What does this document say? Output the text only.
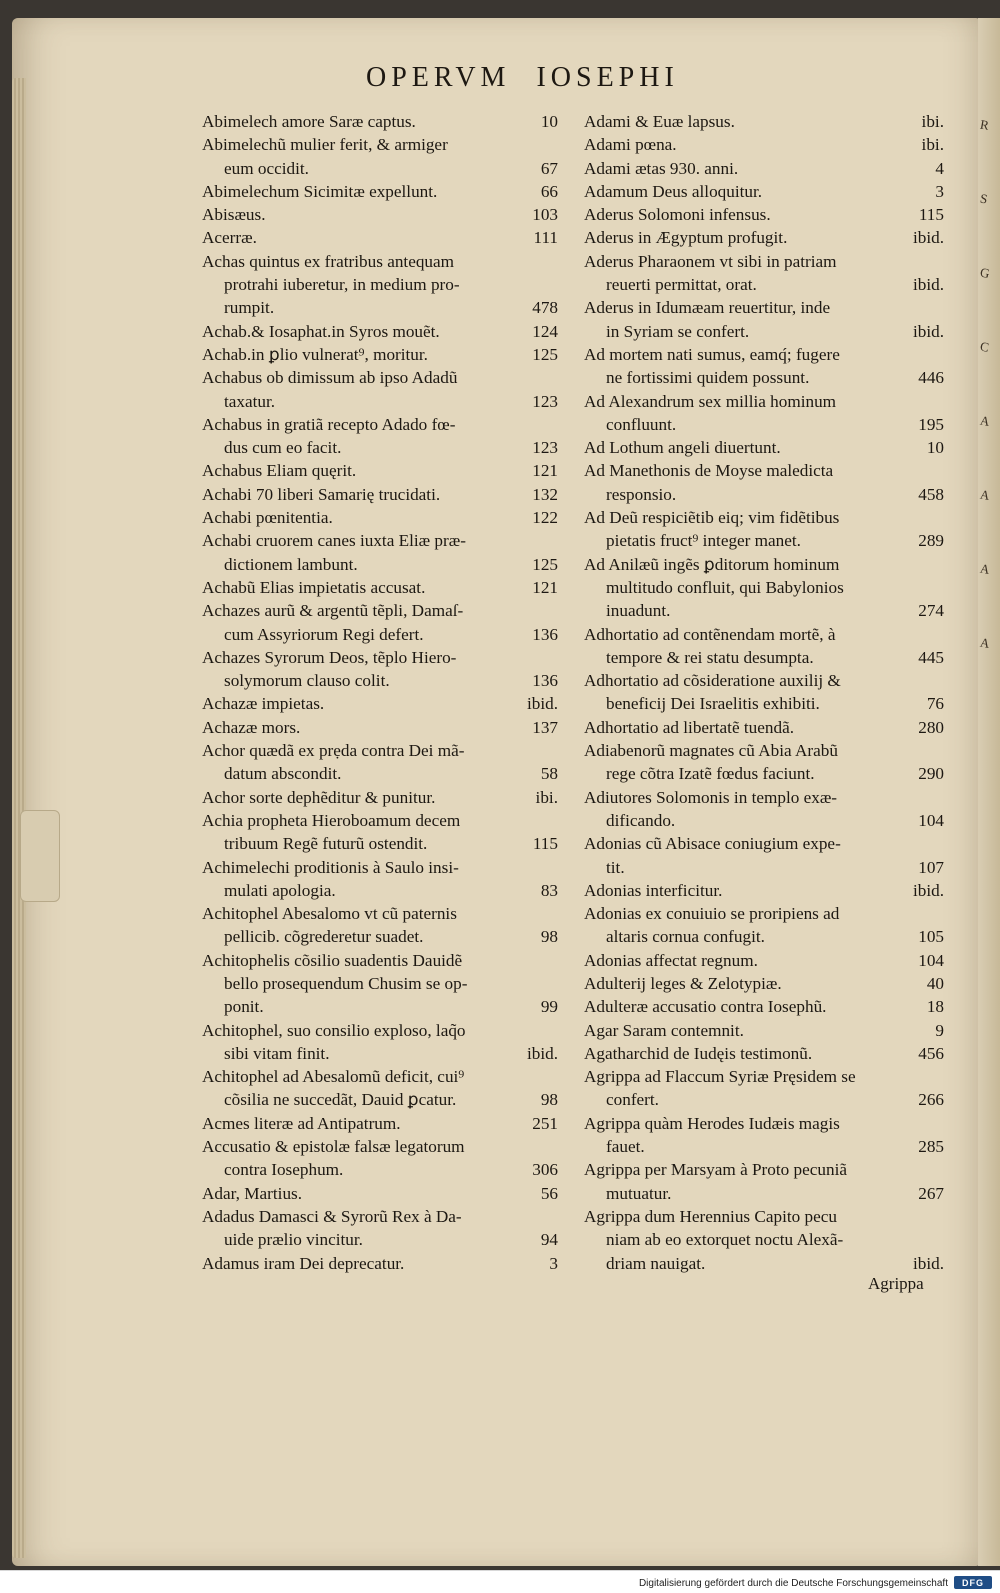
OPERVM IOSEPHI
Abimelech amore Saræ captus.	10
Abimelechũ mulier ferit, & armiger
eum occidit.	67
Abimelechum Sicimitæ expellunt.	66
Abisæus.	103
Acerræ.	111
Achas quintus ex fratribus antequam
protrahi iuberetur, in medium pro-
rumpit.	478
Achab.& Iosaphat.in Syros mouẽt.	124
Achab.in ꝑlio vulnerat⁹, moritur.	125
Achabus ob dimissum ab ipso Adadũ
taxatur.	123
Achabus in gratiã recepto Adado fœ-
dus cum eo facit.	123
Achabus Eliam quęrit.	121
Achabi 70 liberi Samarię trucidati.	132
Achabi pœnitentia.	122
Achabi cruorem canes iuxta Eliæ præ-
dictionem lambunt.	125
Achabũ Elias impietatis accusat.	121
Achazes aurũ & argentũ tẽpli, Damaſ-
cum Assyriorum Regi defert.	136
Achazes Syrorum Deos, tẽplo Hiero-
solymorum clauso colit.	136
Achazæ impietas.	ibid.
Achazæ mors.	137
Achor quædã ex prẹda contra Dei mã-
datum abscondit.	58
Achor sorte dephẽditur & punitur.	ibi.
Achia propheta Hieroboamum decem
tribuum Regẽ futurũ ostendit.	115
Achimelechi proditionis à Saulo insi-
mulati apologia.	83
Achitophel Abesalomo vt cũ paternis
pellicib. cõgrederetur suadet.	98
Achitophelis cõsilio suadentis Dauidẽ
bello prosequendum Chusim se op-
ponit.	99
Achitophel, suo consilio exploso, laq̃o
sibi vitam finit.	ibid.
Achitophel ad Abesalomũ deficit, cui⁹
cõsilia ne succedãt, Dauid ꝑcatur.	98
Acmes literæ ad Antipatrum.	251
Accusatio & epistolæ falsæ legatorum
contra Iosephum.	306
Adar, Martius.	56
Adadus Damasci & Syrorũ Rex à Da-
uide prælio vincitur.	94
Adamus iram Dei deprecatur.	3
Adami & Euæ lapsus.	ibi.
Adami pœna.	ibi.
Adami ætas 930. anni.	4
Adamum Deus alloquitur.	3
Aderus Solomoni infensus.	115
Aderus in Ægyptum profugit.	ibid.
Aderus Pharaonem vt sibi in patriam
reuerti permittat, orat.	ibid.
Aderus in Idumæam reuertitur, inde
in Syriam se confert.	ibid.
Ad mortem nati sumus, eamq́; fugere
ne fortissimi quidem possunt.	446
Ad Alexandrum sex millia hominum
confluunt.	195
Ad Lothum angeli diuertunt.	10
Ad Manethonis de Moyse maledicta
responsio.	458
Ad Deũ respiciẽtib eiq; vim fidẽtibus
pietatis fruct⁹ integer manet.	289
Ad Anilæũ ingẽs ꝑditorum hominum
multitudo confluit, qui Babylonios
inuadunt.	274
Adhortatio ad contẽnendam mortẽ, à
tempore & rei statu desumpta.	445
Adhortatio ad cõsideratione auxilij &
beneficij Dei Israelitis exhibiti.	76
Adhortatio ad libertatẽ tuendã.	280
Adiabenorũ magnates cũ Abia Arabũ
rege cõtra Izatẽ fœdus faciunt.	290
Adiutores Solomonis in templo exæ-
dificando.	104
Adonias cũ Abisace coniugium expe-
tit.	107
Adonias interficitur.	ibid.
Adonias ex conuiuio se proripiens ad
altaris cornua confugit.	105
Adonias affectat regnum.	104
Adulterij leges & Zelotypiæ.	40
Adulteræ accusatio contra Iosephũ.	18
Agar Saram contemnit.	9
Agatharchid de Iudęis testimonũ.	456
Agrippa ad Flaccum Syriæ Pręsidem se
confert.	266
Agrippa quàm Herodes Iudæis magis
fauet.	285
Agrippa per Marsyam à Proto pecuniã
mutuatur.	267
Agrippa dum Herennius Capito pecu
niam ab eo extorquet noctu Alexã-
driam nauigat.	ibid.
Agrippa
R
S
G
C
A
A
A
A
Digitalisierung gefördert durch die Deutsche Forschungsgemeinschaft	DFG
